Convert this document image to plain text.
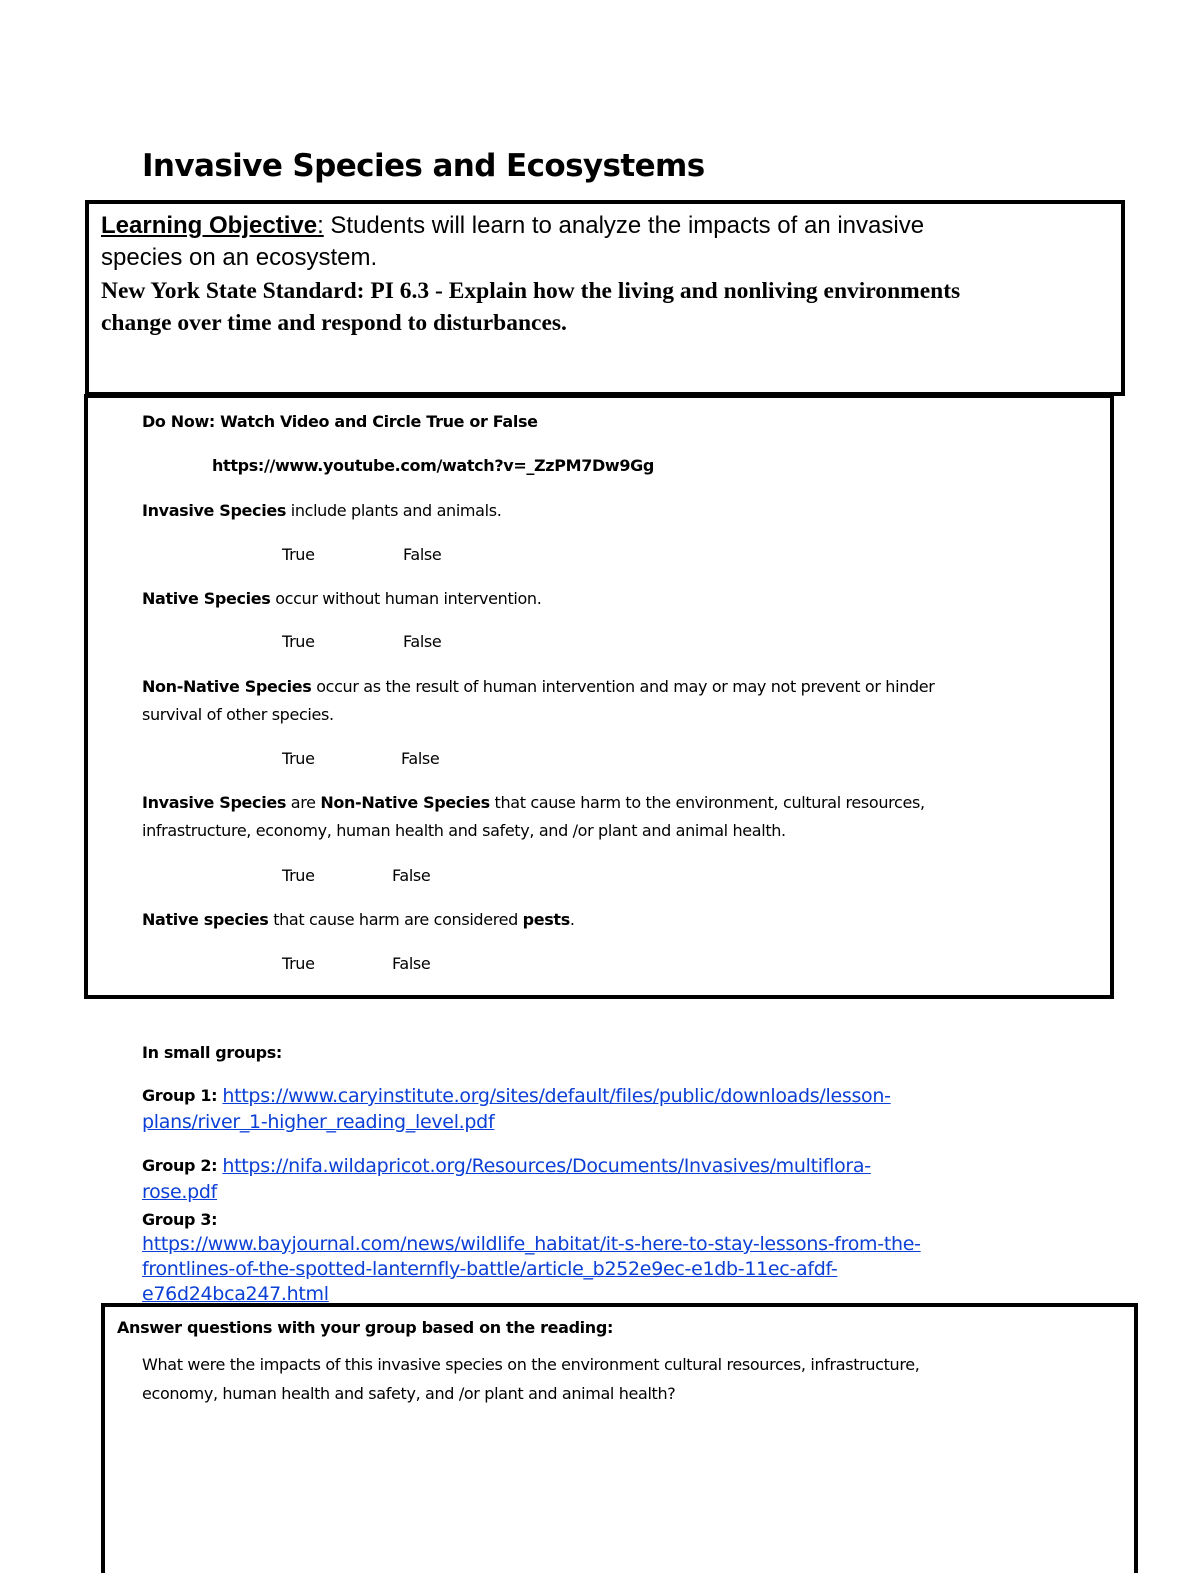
Invasive Species and Ecosystems
Learning Objective: Students will learn to analyze the impacts of an invasive
species on an ecosystem.
New York State Standard: PI 6.3 - Explain how the living and nonliving environments
change over time and respond to disturbances.
Do Now: Watch Video and Circle True or False
https://www.youtube.com/watch?v=_ZzPM7Dw9Gg
Invasive Species include plants and animals.
True	False
Native Species occur without human intervention.
True	False
Non-Native Species occur as the result of human intervention and may or may not prevent or hinder
survival of other species.
True	False
Invasive Species are Non-Native Species that cause harm to the environment, cultural resources,
infrastructure, economy, human health and safety, and /or plant and animal health.
True	False
Native species that cause harm are considered pests.
True	False
In small groups:
Group 1: https://www.caryinstitute.org/sites/default/files/public/downloads/lesson-
plans/river_1-higher_reading_level.pdf
Group 2: https://nifa.wildapricot.org/Resources/Documents/Invasives/multiflora-
rose.pdf
Group 3:
https://www.bayjournal.com/news/wildlife_habitat/it-s-here-to-stay-lessons-from-the-
frontlines-of-the-spotted-lanternfly-battle/article_b252e9ec-e1db-11ec-afdf-
e76d24bca247.html
Answer questions with your group based on the reading:
What were the impacts of this invasive species on the environment cultural resources, infrastructure,
economy, human health and safety, and /or plant and animal health?
